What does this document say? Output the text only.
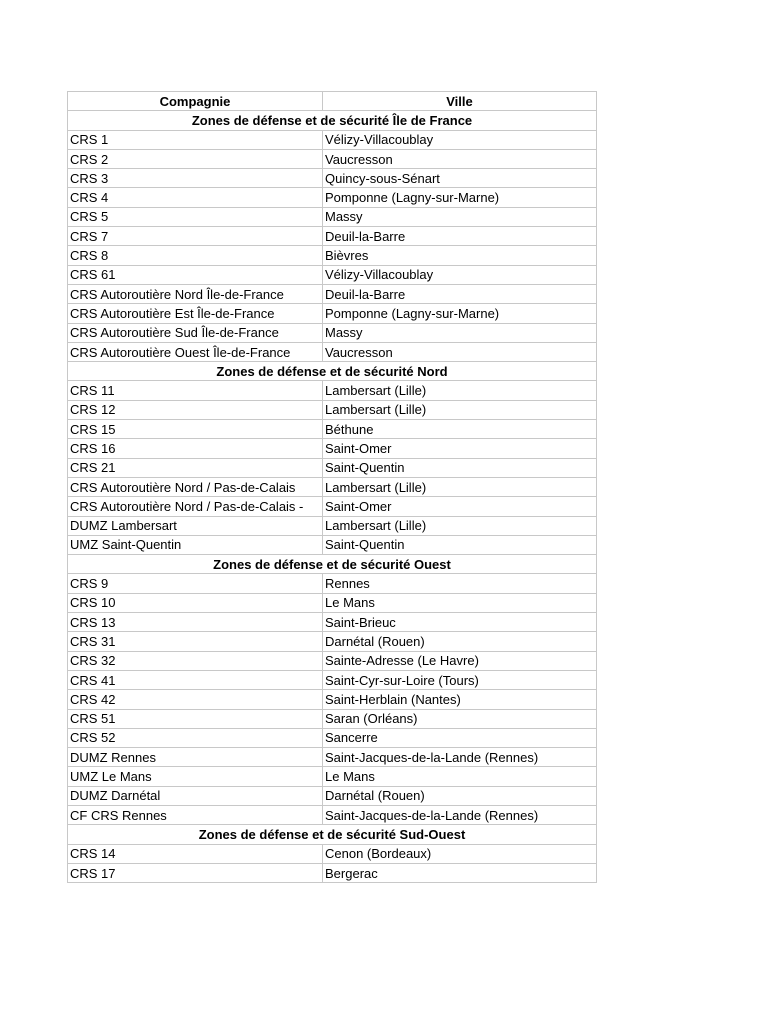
Compagnie	Ville
Zones de défense et de sécurité Île de France	
CRS 1	Vélizy-Villacoublay
CRS 2	Vaucresson
CRS 3	Quincy-sous-Sénart
CRS 4	Pomponne (Lagny-sur-Marne)
CRS 5	Massy
CRS 7	Deuil-la-Barre
CRS 8	Bièvres
CRS 61	Vélizy-Villacoublay
CRS Autoroutière Nord Île-de-France	Deuil-la-Barre
CRS Autoroutière Est Île-de-France	Pomponne (Lagny-sur-Marne)
CRS Autoroutière Sud Île-de-France	Massy
CRS Autoroutière Ouest Île-de-France	Vaucresson
Zones de défense et de sécurité Nord	
CRS 11	Lambersart (Lille)
CRS 12	Lambersart (Lille)
CRS 15	Béthune
CRS 16	Saint-Omer
CRS 21	Saint-Quentin
CRS Autoroutière Nord / Pas-de-Calais	Lambersart (Lille)
CRS Autoroutière Nord / Pas-de-Calais -	Saint-Omer
DUMZ Lambersart	Lambersart (Lille)
UMZ Saint-Quentin	Saint-Quentin
Zones de défense et de sécurité Ouest	
CRS 9	Rennes
CRS 10	Le Mans
CRS 13	Saint-Brieuc
CRS 31	Darnétal (Rouen)
CRS 32	Sainte-Adresse (Le Havre)
CRS 41	Saint-Cyr-sur-Loire (Tours)
CRS 42	Saint-Herblain (Nantes)
CRS 51	Saran (Orléans)
CRS 52	Sancerre
DUMZ Rennes	Saint-Jacques-de-la-Lande (Rennes)
UMZ Le Mans	Le Mans
DUMZ Darnétal	Darnétal (Rouen)
CF CRS Rennes	Saint-Jacques-de-la-Lande (Rennes)
Zones de défense et de sécurité Sud-Ouest	
CRS 14	Cenon (Bordeaux)
CRS 17	Bergerac
